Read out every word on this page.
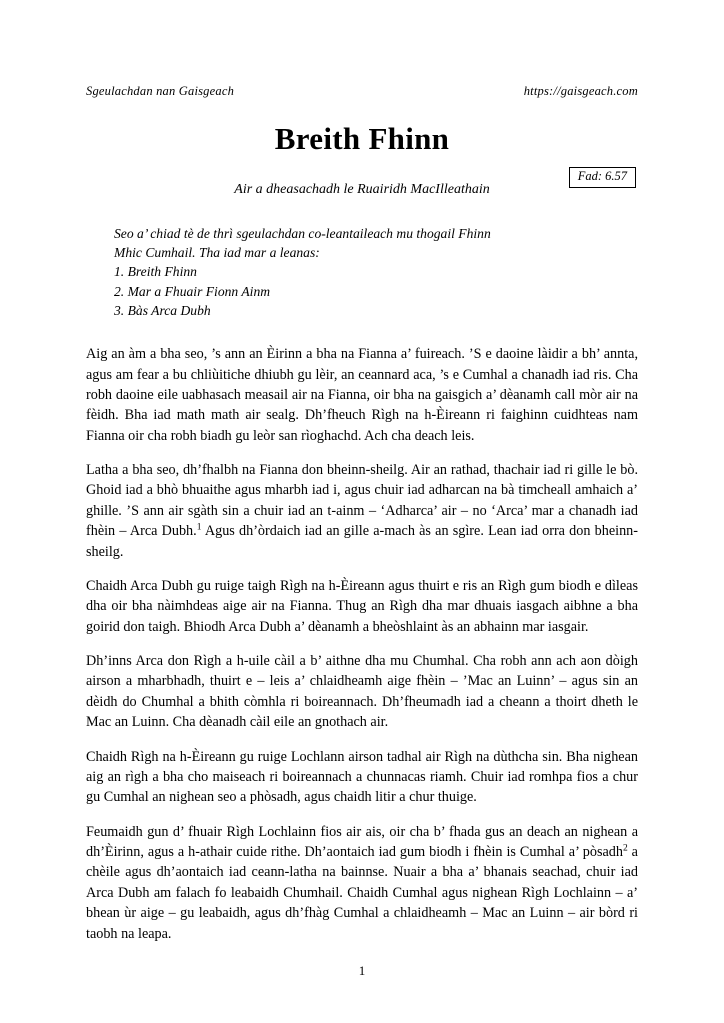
Sgeulachdan nan Gaisgeach	https://gaisgeach.com
Breith Fhinn
Fad: 6.57
Air a dheasachadh le Ruairidh MacIlleathain
Seo a’ chiad tè de thrì sgeulachdan co-leantaileach mu thogail Fhinn
Mhic Cumhail. Tha iad mar a leanas:
1. Breith Fhinn
2. Mar a Fhuair Fionn Ainm
3. Bàs Arca Dubh

Aig an àm a bha seo, ’s ann an Èirinn a bha na Fianna a’ fuireach. ’S e daoine làidir a bh’ annta, agus am fear a bu chliùitiche dhiubh gu lèir, an ceannard aca, ’s e Cumhal a chanadh iad ris. Cha robh daoine eile uabhasach measail air na Fianna, oir bha na gaisgich a’ dèanamh call mòr air na fèidh. Bha iad math math air sealg. Dh’fheuch Rìgh na h-Èireann ri faighinn cuidhteas nam Fianna oir cha robh biadh gu leòr san rìoghachd. Ach cha deach leis.

Latha a bha seo, dh’fhalbh na Fianna don bheinn-sheilg. Air an rathad, thachair iad ri gille le bò. Ghoid iad a bhò bhuaithe agus mharbh iad i, agus chuir iad adharcan na bà timcheall amhaich a’ ghille. ’S ann air sgàth sin a chuir iad an t-ainm – ‘Adharca’ air – no ‘Arca’ mar a chanadh iad fhèin – Arca Dubh.$^1$ Agus dh’òrdaich iad an gille a-mach às an sgìre. Lean iad orra don bheinn-sheilg.

Chaidh Arca Dubh gu ruige taigh Rìgh na h-Èireann agus thuirt e ris an Rìgh gum biodh e dìleas dha oir bha nàimhdeas aige air na Fianna. Thug an Rìgh dha mar dhuais iasgach aibhne a bha goirid don taigh. Bhiodh Arca Dubh a’ dèanamh a bheòshlaint às an abhainn mar iasgair.

Dh’inns Arca don Rìgh a h-uile càil a b’ aithne dha mu Chumhal. Cha robh ann ach aon dòigh airson a mharbhadh, thuirt e – leis a’ chlaidheamh aige fhèin – ’Mac an Luinn’ – agus sin an dèidh do Chumhal a bhith còmhla ri boireannach. Dh’fheumadh iad a cheann a thoirt dheth le Mac an Luinn. Cha dèanadh càil eile an gnothach air.

Chaidh Rìgh na h-Èireann gu ruige Lochlann airson tadhal air Rìgh na dùthcha sin. Bha nighean aig an rìgh a bha cho maiseach ri boireannach a chunnacas riamh. Chuir iad romhpa fios a chur gu Cumhal an nighean seo a phòsadh, agus chaidh litir a chur thuige.

Feumaidh gun d’ fhuair Rìgh Lochlainn fios air ais, oir cha b’ fhada gus an deach an nighean a dh’Èirinn, agus a h-athair cuide rithe. Dh’aontaich iad gum biodh i fhèin is Cumhal a’ pòsadh$^2$ a chèile agus dh’aontaich iad ceann-latha na bainnse. Nuair a bha a’ bhanais seachad, chuir iad Arca Dubh am falach fo leabaidh Chumhail. Chaidh Cumhal agus nighean Rìgh Lochlainn – a’ bhean ùr aige – gu leabaidh, agus dh’fhàg Cumhal a chlaidheamh – Mac an Luinn – air bòrd ri taobh na leapa.

1
